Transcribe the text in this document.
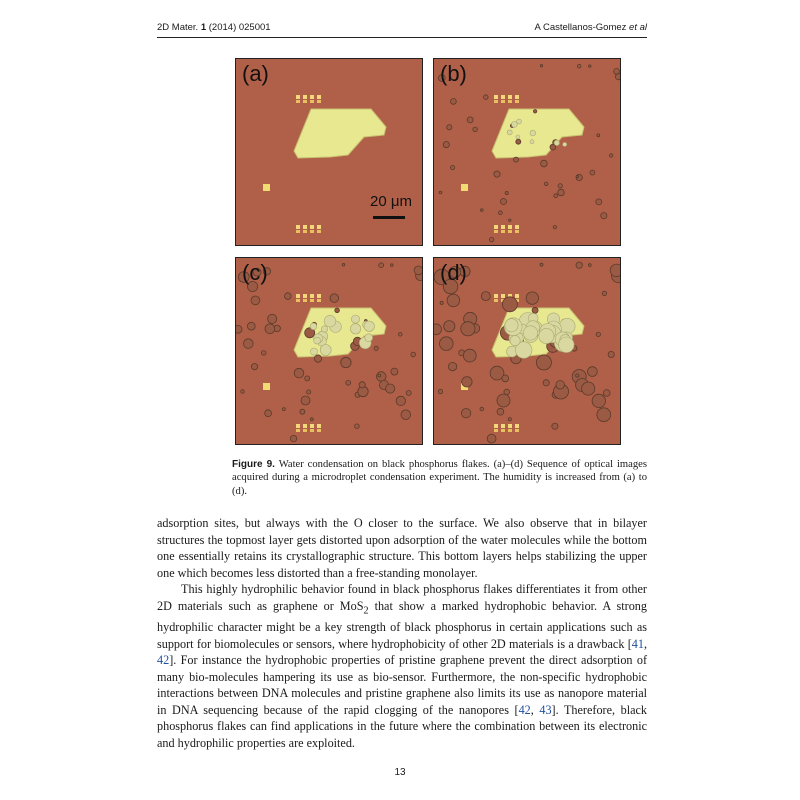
2D Mater. 1 (2014) 025001	A Castellanos-Gomez et al
(a)
20 μm
(b)
(c)	(d)
Figure 9. Water condensation on black phosphorus flakes. (a)–(d) Sequence of optical images acquired during a microdroplet condensation experiment. The humidity is increased from (a) to (d).

adsorption sites, but always with the O closer to the surface. We also observe that in bilayer structures the topmost layer gets distorted upon adsorption of the water molecules while the bottom one essentially retains its crystallographic structure. This bottom layers helps stabilizing the upper one which becomes less distorted than a free-standing monolayer.

This highly hydrophilic behavior found in black phosphorus flakes differentiates it from other 2D materials such as graphene or MoS$_2$ that show a marked hydrophobic behavior. A strong hydrophilic character might be a key strength of black phosphorus in certain applications such as support for biomolecules or sensors, where hydrophobicity of other 2D materials is a drawback [41, 42]. For instance the hydrophobic properties of pristine graphene prevent the direct adsorption of many bio-molecules hampering its use as bio-sensor. Furthermore, the non-specific hydrophobic interactions between DNA molecules and pristine graphene also limits its use as nanopore material in DNA sequencing because of the rapid clogging of the nanopores [42, 43]. Therefore, black phosphorus flakes can find applications in the future where the combination between its electronic and hydrophilic properties are exploited.

13
